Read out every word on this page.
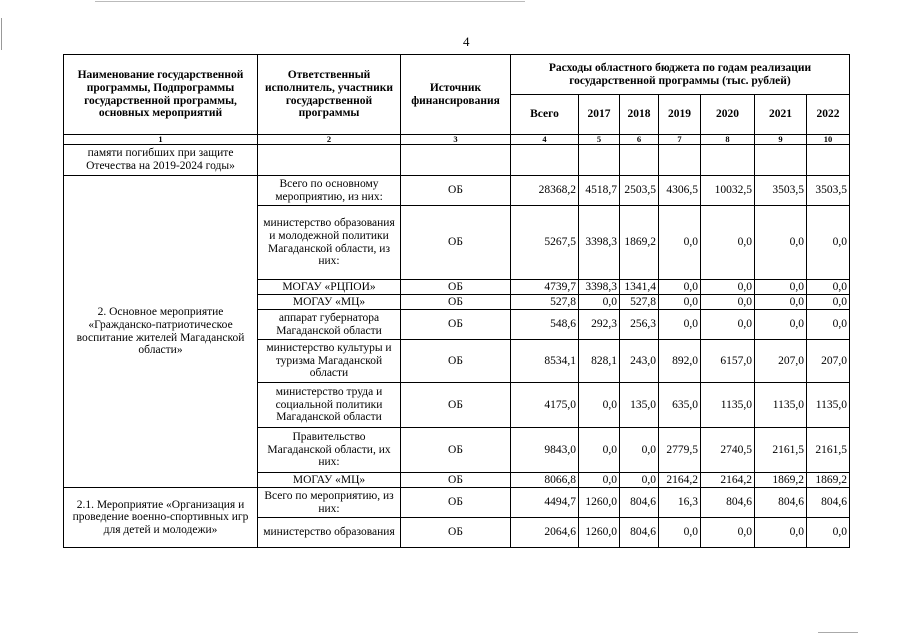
4
Наименование государственной программы, Подпрограммы государственной программы, основных мероприятий	Ответственный исполнитель, участники государственной программы	Источник финансирования	Расходы областного бюджета по годам реализации государственной программы (тыс. рублей)						
			Всего	2017	2018	2019	2020	2021	2022
1	2	3	4	5	6	7	8	9	10
памяти погибших при защите Отечества на 2019-2024 годы»									
2. Основное мероприятие «Гражданско-патриотическое воспитание жителей Магаданской области»	Всего по основному мероприятию, из них:	ОБ	28368,2	4518,7	2503,5	4306,5	10032,5	3503,5	3503,5
	министерство образования и молодежной политики Магаданской области, из них:	ОБ	5267,5	3398,3	1869,2	0,0	0,0	0,0	0,0
	МОГАУ «РЦПОИ»	ОБ	4739,7	3398,3	1341,4	0,0	0,0	0,0	0,0
	МОГАУ «МЦ»	ОБ	527,8	0,0	527,8	0,0	0,0	0,0	0,0
	аппарат губернатора Магаданской области	ОБ	548,6	292,3	256,3	0,0	0,0	0,0	0,0
	министерство культуры и туризма Магаданской области	ОБ	8534,1	828,1	243,0	892,0	6157,0	207,0	207,0
	министерство труда и социальной политики Магаданской области	ОБ	4175,0	0,0	135,0	635,0	1135,0	1135,0	1135,0
	Правительство Магаданской области, их них:	ОБ	9843,0	0,0	0,0	2779,5	2740,5	2161,5	2161,5
	МОГАУ «МЦ»	ОБ	8066,8	0,0	0,0	2164,2	2164,2	1869,2	1869,2
2.1. Мероприятие «Организация и проведение военно-спортивных игр для детей и молодежи»	Всего по мероприятию, из них:	ОБ	4494,7	1260,0	804,6	16,3	804,6	804,6	804,6
	министерство образования	ОБ	2064,6	1260,0	804,6	0,0	0,0	0,0	0,0
